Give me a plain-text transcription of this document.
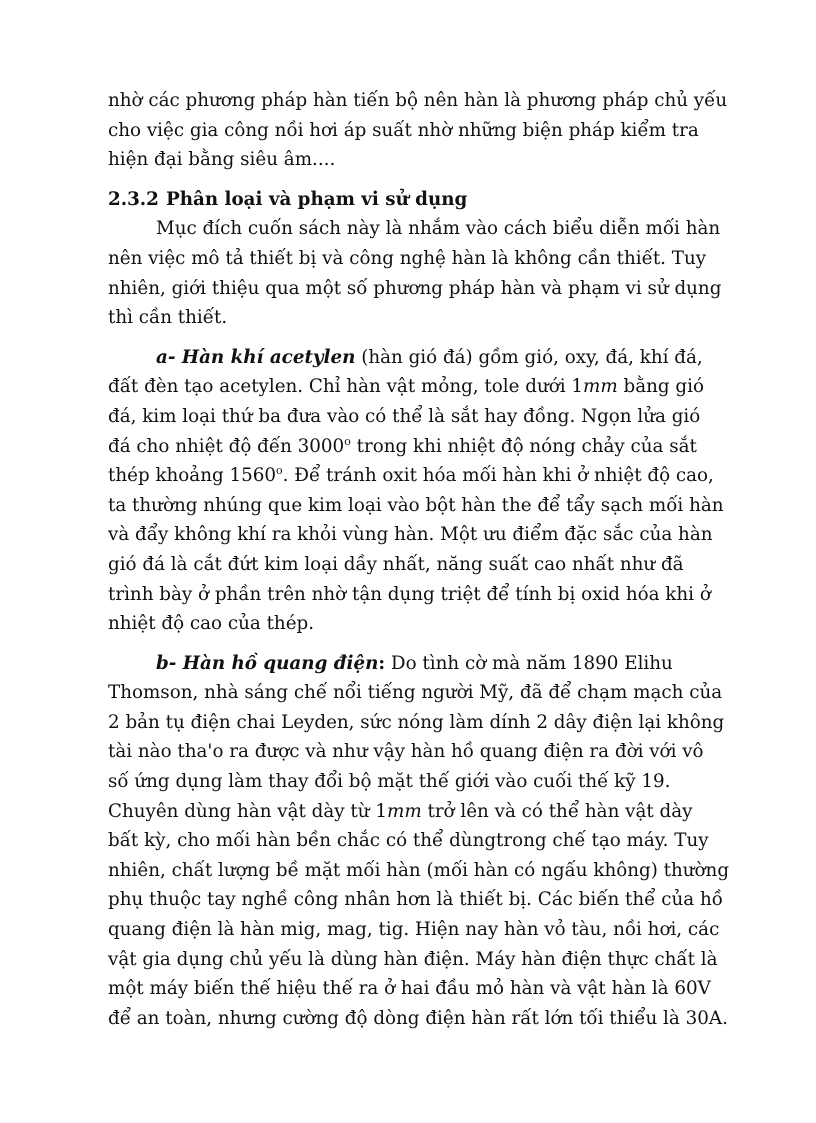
nhờ các phương pháp hàn tiến bộ nên hàn là phương pháp chủ yếu
cho việc gia công nồi hơi áp suất nhờ những biện pháp kiểm tra
hiện đại bằng siêu âm....
2.3.2 Phân loại và phạm vi sử dụng
Mục đích cuốn sách này là nhắm vào cách biểu diễn mối hàn
nên việc mô tả thiết bị và công nghệ hàn là không cần thiết. Tuy
nhiên, giới thiệu qua một số phương pháp hàn và phạm vi sử dụng
thì cần thiết.
a- Hàn khí acetylen (hàn gió đá) gồm gió, oxy, đá, khí đá,
đất đèn tạo acetylen. Chỉ hàn vật mỏng, tole dưới 1mm bằng gió
đá, kim loại thứ ba đưa vào có thể là sắt hay đồng. Ngọn lửa gió
đá cho nhiệt độ đến 3000$^o$ trong khi nhiệt độ nóng chảy của sắt
thép khoảng 1560$^o$. Để tránh oxit hóa mối hàn khi ở nhiệt độ cao,
ta thường nhúng que kim loại vào bột hàn the để tẩy sạch mối hàn
và đẩy không khí ra khỏi vùng hàn. Một ưu điểm đặc sắc của hàn
gió đá là cắt đứt kim loại dầy nhất, năng suất cao nhất như đã
trình bày ở phần trên nhờ tận dụng triệt để tính bị oxid hóa khi ở
nhiệt độ cao của thép.
b- Hàn hồ quang điện: Do tình cờ mà năm 1890 Elihu
Thomson, nhà sáng chế nổi tiếng người Mỹ, đã để chạm mạch của
2 bản tụ điện chai Leyden, sức nóng làm dính 2 dây điện lại không
tài nào tha'o ra được và như vậy hàn hồ quang điện ra đời với vô
số ứng dụng làm thay đổi bộ mặt thế giới vào cuối thế kỹ 19.
Chuyên dùng hàn vật dày từ 1mm trở lên và có thể hàn vật dày
bất kỳ, cho mối hàn bền chắc có thể dùngtrong chế tạo máy. Tuy
nhiên, chất lượng bề mặt mối hàn (mối hàn có ngấu không) thường
phụ thuộc tay nghề công nhân hơn là thiết bị. Các biến thể của hồ
quang điện là hàn mig, mag, tig. Hiện nay hàn vỏ tàu, nồi hơi, các
vật gia dụng chủ yếu là dùng hàn điện. Máy hàn điện thực chất là
một máy biến thế hiệu thế ra ở hai đầu mỏ hàn và vật hàn là 60V
để an toàn, nhưng cường độ dòng điện hàn rất lớn tối thiểu là 30A.
